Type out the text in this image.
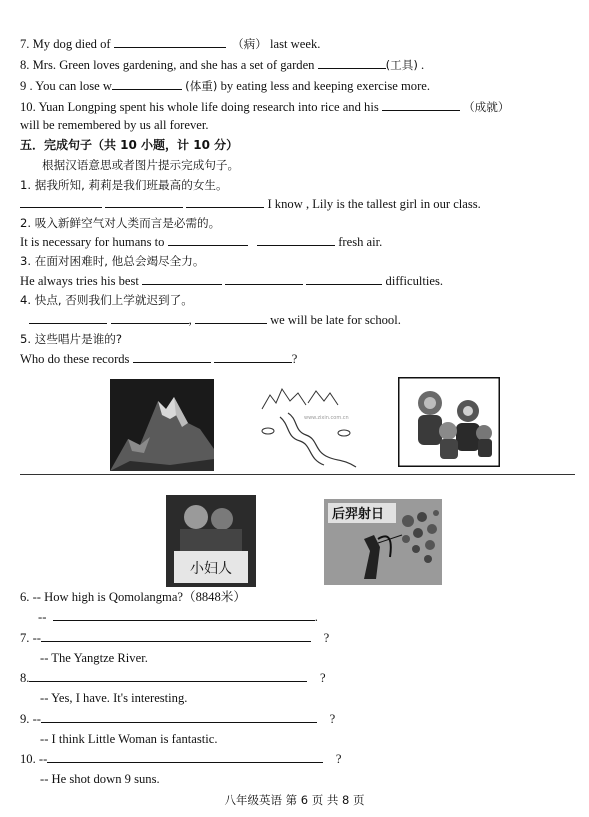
7. My dog died of	（病） last week.
8. Mrs. Green loves gardening, and she has a set of garden	(工具) .
9 . You can lose w	(体重) by eating less and keeping exercise more.
10. Yuan Longping spent his whole life doing research into rice and his	（成就）
will be remembered by us all forever.
五．完成句子（共 10 小题，计 10 分）
根据汉语意思或者图片提示完成句子。
1. 据我所知, 莉莉是我们班最高的女生。
I know , Lily is the tallest girl in our class.
2. 吸入新鲜空气对人类而言是必需的。
It is necessary for humans to	fresh air.
3. 在面对困难时, 他总会竭尽全力。
He always tries his best	difficulties.
4. 快点, 否则我们上学就迟到了。
,	we will be late for school.
5. 这些唱片是谁的?
Who do these records	?
www.zixin.com.cn
小妇人
后羿射日
6. -- How high is Qomolangma?（8848米）
--	.
7. --	?
-- The Yangtze River.
8.	?
-- Yes, I have. It's interesting.
9. --	?
-- I think Little Woman is fantastic.
10. --	?
-- He shot down 9 suns.
八年级英语 第 6 页 共 8 页
